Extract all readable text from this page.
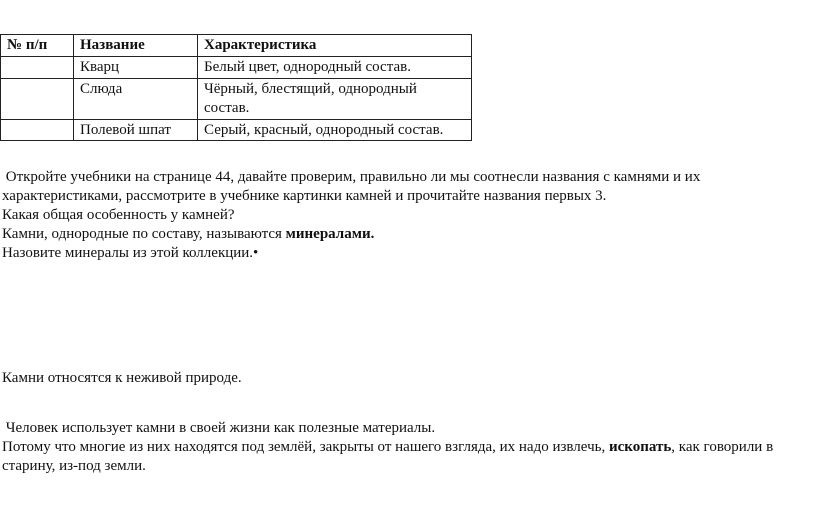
№ п/п	Название	Характеристика
	Кварц	Белый цвет, однородный состав.
	Слюда	Чёрный, блестящий, однородный состав.
	Полевой шпат	Серый, красный, однородный состав.
Откройте учебники на странице 44, давайте проверим, правильно ли мы соотнесли названия с камнями и их
характеристиками, рассмотрите в учебнике картинки камней и прочитайте названия первых 3.
Какая общая особенность у камней?
Камни, однородные по составу, называются минералами.
Назовите минералы из этой коллекции.•
Камни относятся к неживой природе.
Человек использует камни в своей жизни как полезные материалы.
Потому что многие из них находятся под землёй, закрыты от нашего взгляда, их надо извлечь, ископать, как говорили в
старину, из-под земли.
